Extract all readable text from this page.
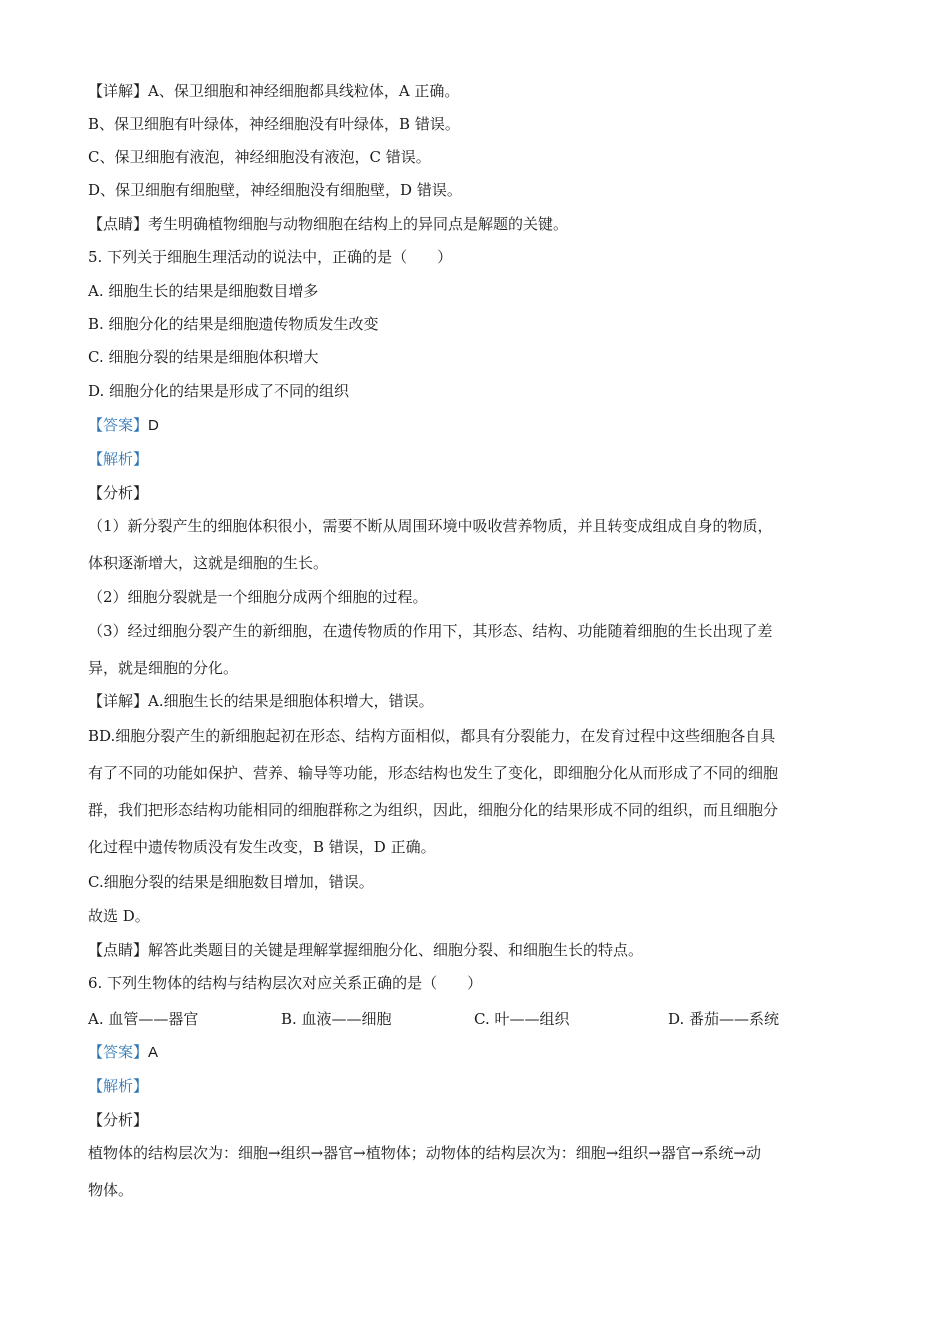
【详解】A、保卫细胞和神经细胞都具线粒体，A 正确。
B、保卫细胞有叶绿体，神经细胞没有叶绿体，B 错误。
C、保卫细胞有液泡，神经细胞没有液泡，C 错误。
D、保卫细胞有细胞壁，神经细胞没有细胞壁，D 错误。
【点睛】考生明确植物细胞与动物细胞在结构上的异同点是解题的关键。
5. 下列关于细胞生理活动的说法中，正确的是（　　）
A. 细胞生长的结果是细胞数目增多
B. 细胞分化的结果是细胞遗传物质发生改变
C. 细胞分裂的结果是细胞体积增大
D. 细胞分化的结果是形成了不同的组织
【答案】D
【解析】
【分析】
（1）新分裂产生的细胞体积很小，需要不断从周围环境中吸收营养物质，并且转变成组成自身的物质，
体积逐渐增大，这就是细胞的生长。
（2）细胞分裂就是一个细胞分成两个细胞的过程。
（3）经过细胞分裂产生的新细胞，在遗传物质的作用下，其形态、结构、功能随着细胞的生长出现了差
异，就是细胞的分化。
【详解】A.细胞生长的结果是细胞体积增大，错误。
BD.细胞分裂产生的新细胞起初在形态、结构方面相似，都具有分裂能力，在发育过程中这些细胞各自具
有了不同的功能如保护、营养、输导等功能，形态结构也发生了变化，即细胞分化从而形成了不同的细胞
群，我们把形态结构功能相同的细胞群称之为组织，因此，细胞分化的结果形成不同的组织，而且细胞分
化过程中遗传物质没有发生改变，B 错误，D 正确。
C.细胞分裂的结果是细胞数目增加，错误。
故选 D。
【点睛】解答此类题目的关键是理解掌握细胞分化、细胞分裂、和细胞生长的特点。
6. 下列生物体的结构与结构层次对应关系正确的是（　　）
A. 血管——器官	B. 血液——细胞	C. 叶——组织	D. 番茄——系统
【答案】A
【解析】
【分析】
植物体的结构层次为：细胞→组织→器官→植物体；动物体的结构层次为：细胞→组织→器官→系统→动
物体。
